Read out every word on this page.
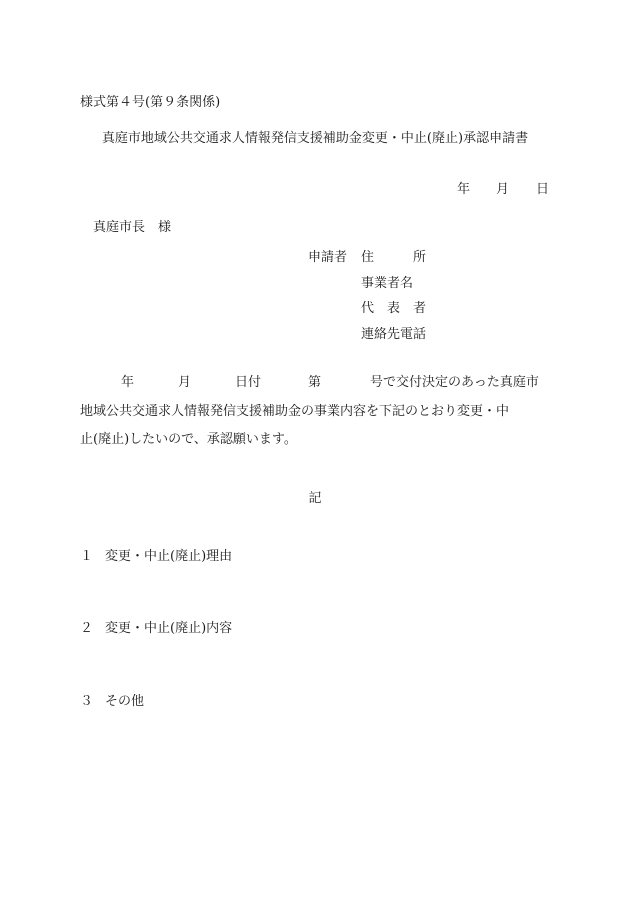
様式第４号(第９条関係)
真庭市地域公共交通求人情報発信支援補助金変更・中止(廃止)承認申請書
年 月 日
真庭市長　様
申請者 住　　　所
事業者名
代　表　者
連絡先電話
年	月	日付	第	号で交付決定のあった真庭市
地域公共交通求人情報発信支援補助金の事業内容を下記のとおり変更・中
止(廃止)したいので、承認願います。
記
１ 変更・中止(廃止)理由
２ 変更・中止(廃止)内容
３ その他
